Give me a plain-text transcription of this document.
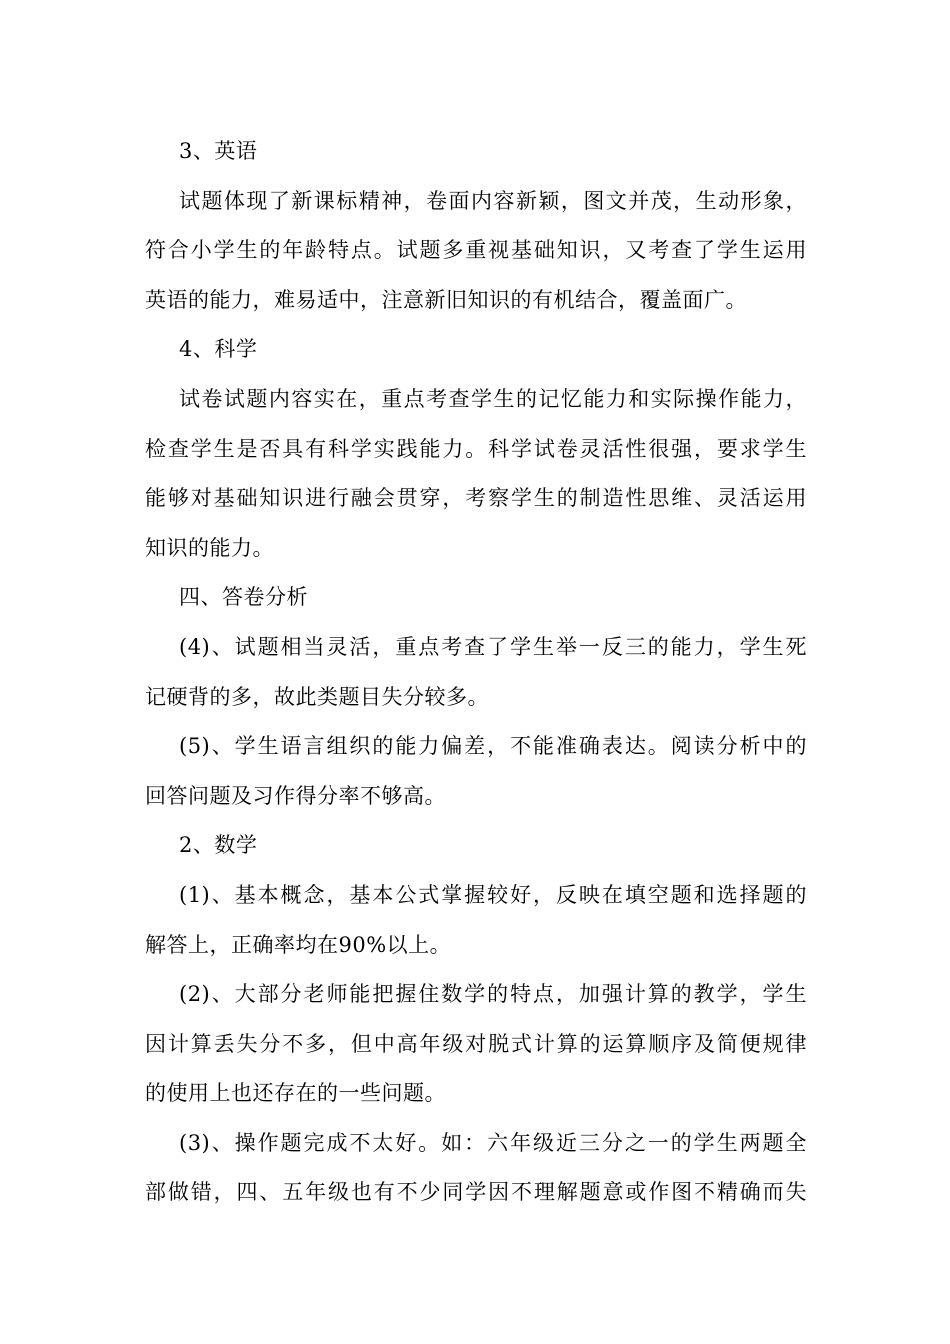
3、英语
试题体现了新课标精神，卷面内容新颖，图文并茂，生动形象，
符合小学生的年龄特点。试题多重视基础知识，又考查了学生运用
英语的能力，难易适中，注意新旧知识的有机结合，覆盖面广。
4、科学
试卷试题内容实在，重点考查学生的记忆能力和实际操作能力，
检查学生是否具有科学实践能力。科学试卷灵活性很强，要求学生
能够对基础知识进行融会贯穿，考察学生的制造性思维、灵活运用
知识的能力。
四、答卷分析
(4)、试题相当灵活，重点考查了学生举一反三的能力，学生死
记硬背的多，故此类题目失分较多。
(5)、学生语言组织的能力偏差，不能准确表达。阅读分析中的
回答问题及习作得分率不够高。
2、数学
(1)、基本概念，基本公式掌握较好，反映在填空题和选择题的
解答上，正确率均在90%以上。
(2)、大部分老师能把握住数学的特点，加强计算的教学，学生
因计算丢失分不多，但中高年级对脱式计算的运算顺序及简便规律
的使用上也还存在的一些问题。
(3)、操作题完成不太好。如：六年级近三分之一的学生两题全
部做错，四、五年级也有不少同学因不理解题意或作图不精确而失
